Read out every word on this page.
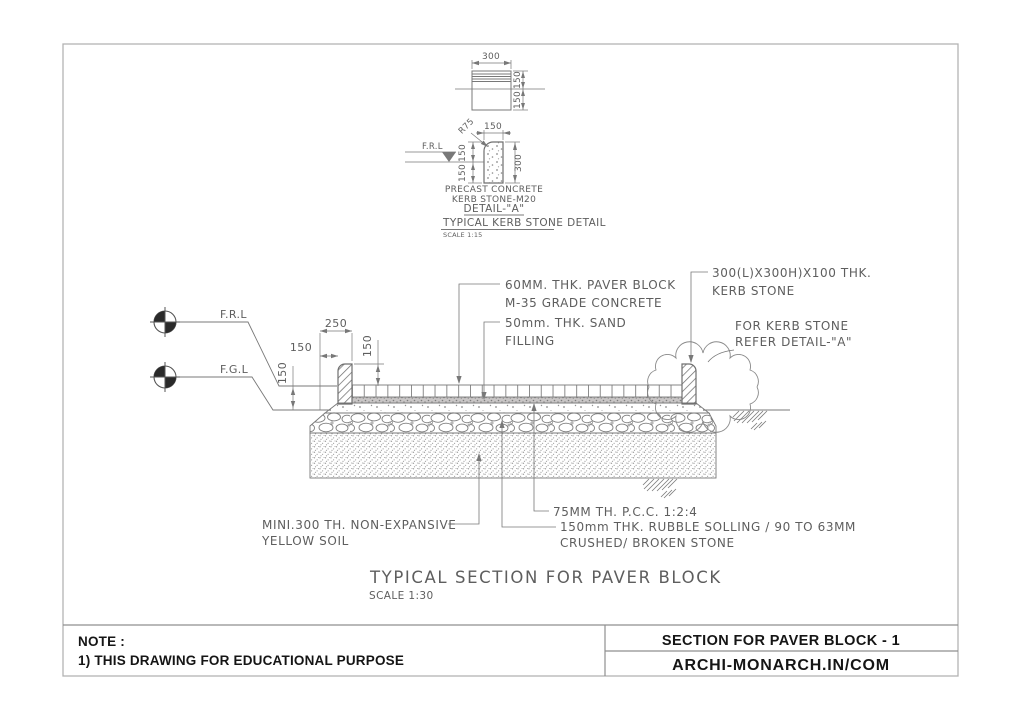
NOTE :
1) THIS DRAWING FOR EDUCATIONAL PURPOSE
SECTION FOR PAVER BLOCK - 1
ARCHI-MONARCH.IN/COM
300
150
150
150
R75
150
150
300
F.R.L
PRECAST CONCRETE
KERB STONE-M20
DETAIL-"A"
TYPICAL KERB STONE DETAIL
SCALE 1:15
F.R.L
F.G.L
250
150	150
150
60MM. THK. PAVER BLOCK
M-35 GRADE CONCRETE
50mm. THK. SAND
FILLING
300(L)X300H)X100 THK.
KERB STONE
FOR KERB STONE
REFER DETAIL-"A"
75MM TH. P.C.C. 1:2:4
MINI.300 TH. NON-EXPANSIVE
YELLOW SOIL
150mm THK. RUBBLE SOLLING / 90 TO 63MM
CRUSHED/ BROKEN STONE
TYPICAL SECTION FOR PAVER BLOCK
SCALE 1:30
